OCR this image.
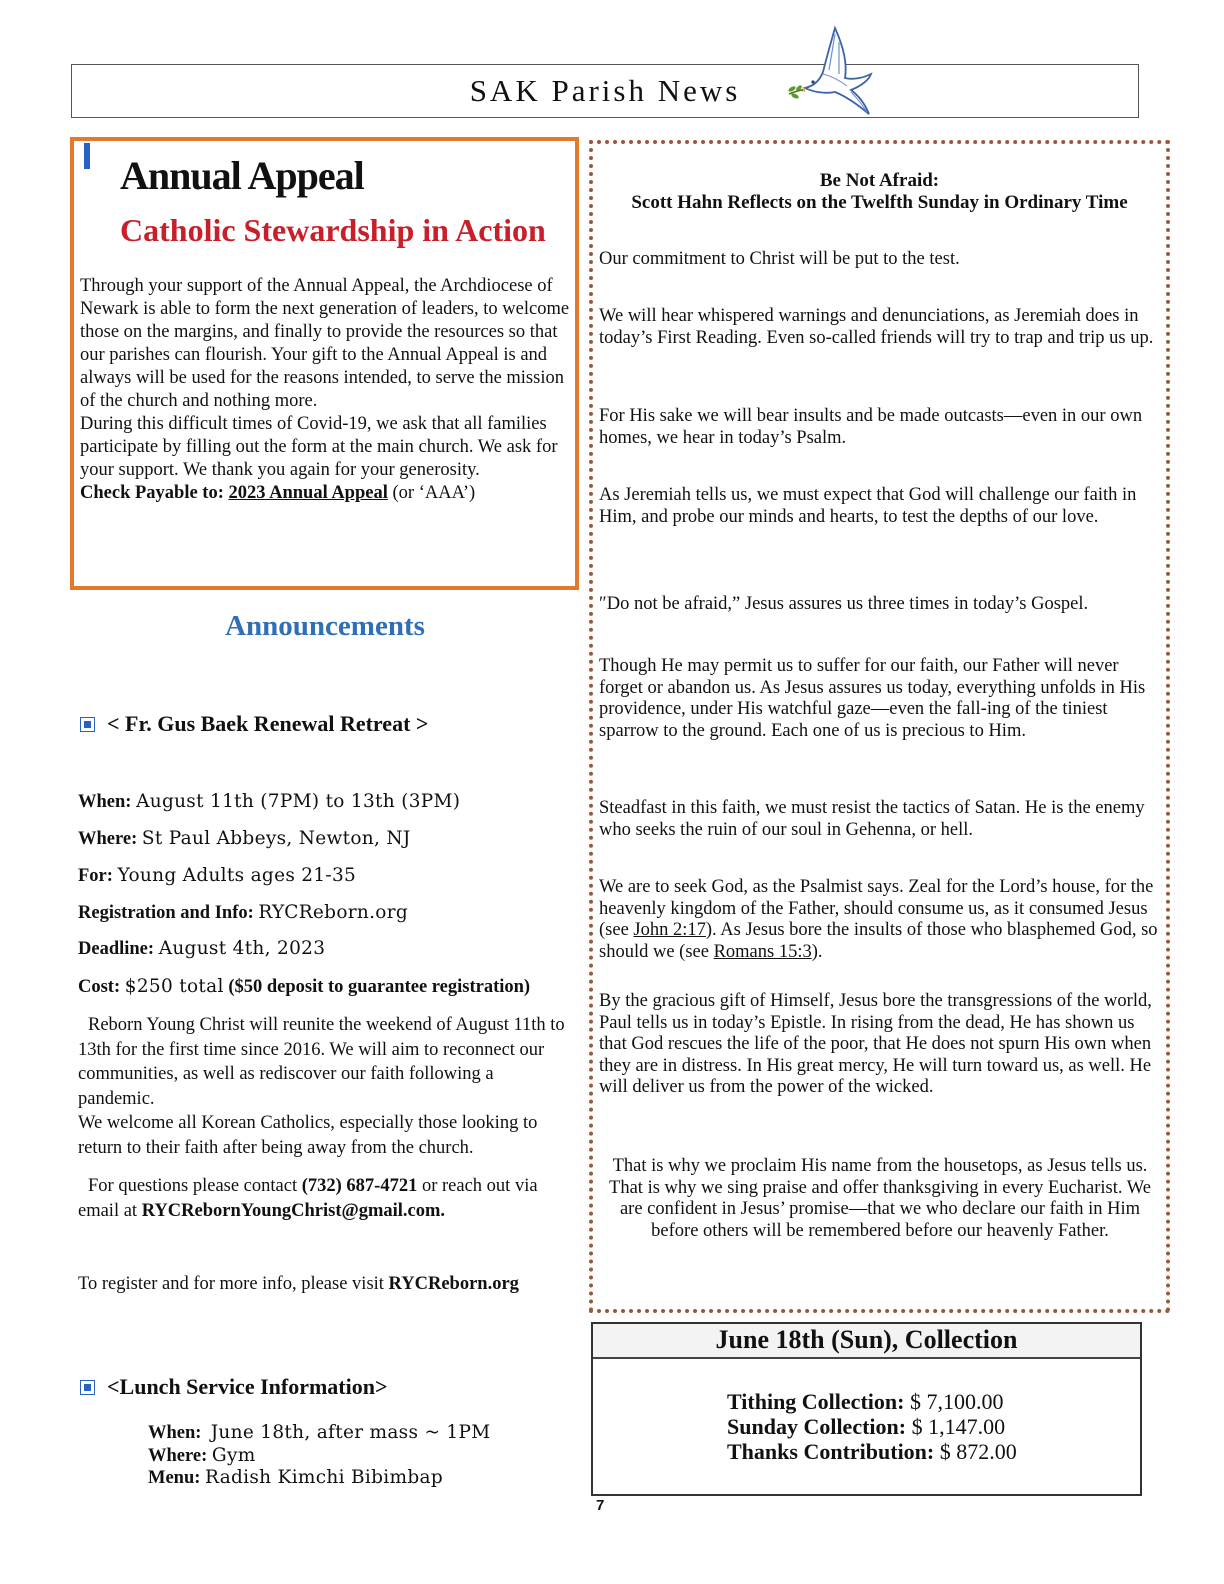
SAK Parish News
Annual Appeal
Catholic Stewardship in Action

Through your support of the Annual Appeal, the Archdiocese of Newark is able to form the next generation of leaders, to welcome those on the margins, and finally to provide the resources so that our parishes can flourish. Your gift to the Annual Appeal is and always will be used for the reasons intended, to serve the mission of the church and nothing more.

During this difficult times of Covid-19, we ask that all families participate by filling out the form at the main church. We ask for your support. We thank you again for your generosity.

Check Payable to: 2023 Annual Appeal (or ‘AAA’)

Announcements
< Fr. Gus Baek Renewal Retreat >
When: August 11th (7PM) to 13th (3PM)
Where: St Paul Abbeys, Newton, NJ
For: Young Adults ages 21-35
Registration and Info: RYCReborn.org
Deadline: August 4th, 2023
Cost: $250 total ($50 deposit to guarantee registration)

Reborn Young Christ will reunite the weekend of August 11th to 13th for the first time since 2016. We will aim to reconnect our communities, as well as rediscover our faith following a pandemic.

We welcome all Korean Catholics, especially those looking to return to their faith after being away from the church.

For questions please contact (732) 687-4721 or reach out via email at RYCRebornYoungChrist@gmail.com.

To register and for more info, please visit RYCReborn.org
<Lunch Service Information>
When: June 18th, after mass ~ 1PM
Where: Gym
Menu: Radish Kimchi Bibimbap
Be Not Afraid:
Scott Hahn Reflects on the Twelfth Sunday in Ordinary Time
Our commitment to Christ will be put to the test.
We will hear whispered warnings and denunciations, as Jeremiah does in today’s First Reading. Even so-called friends will try to trap and trip us up.
For His sake we will bear insults and be made outcasts—even in our own homes, we hear in today’s Psalm.
As Jeremiah tells us, we must expect that God will challenge our faith in Him, and probe our minds and hearts, to test the depths of our love.
″Do not be afraid,” Jesus assures us three times in today’s Gospel.
Though He may permit us to suffer for our faith, our Father will never forget or abandon us. As Jesus assures us today, everything unfolds in His providence, under His watchful gaze—even the fall-ing of the tiniest sparrow to the ground. Each one of us is precious to Him.
Steadfast in this faith, we must resist the tactics of Satan. He is the enemy who seeks the ruin of our soul in Gehenna, or hell.
We are to seek God, as the Psalmist says. Zeal for the Lord’s house, for the heavenly kingdom of the Father, should consume us, as it consumed Jesus (see John 2:17). As Jesus bore the insults of those who blasphemed God, so should we (see Romans 15:3).
By the gracious gift of Himself, Jesus bore the transgressions of the world, Paul tells us in today’s Epistle. In rising from the dead, He has shown us that God rescues the life of the poor, that He does not spurn His own when they are in distress. In His great mercy, He will turn toward us, as well. He will deliver us from the power of the wicked.
That is why we proclaim His name from the housetops, as Jesus tells us. That is why we sing praise and offer thanksgiving in every Eucharist. We are confident in Jesus’ promise—that we who declare our faith in Him before others will be remembered before our heavenly Father.
June 18th (Sun), Collection
Tithing Collection: $ 7,100.00
Sunday Collection: $ 1,147.00
Thanks Contribution: $ 872.00
7
